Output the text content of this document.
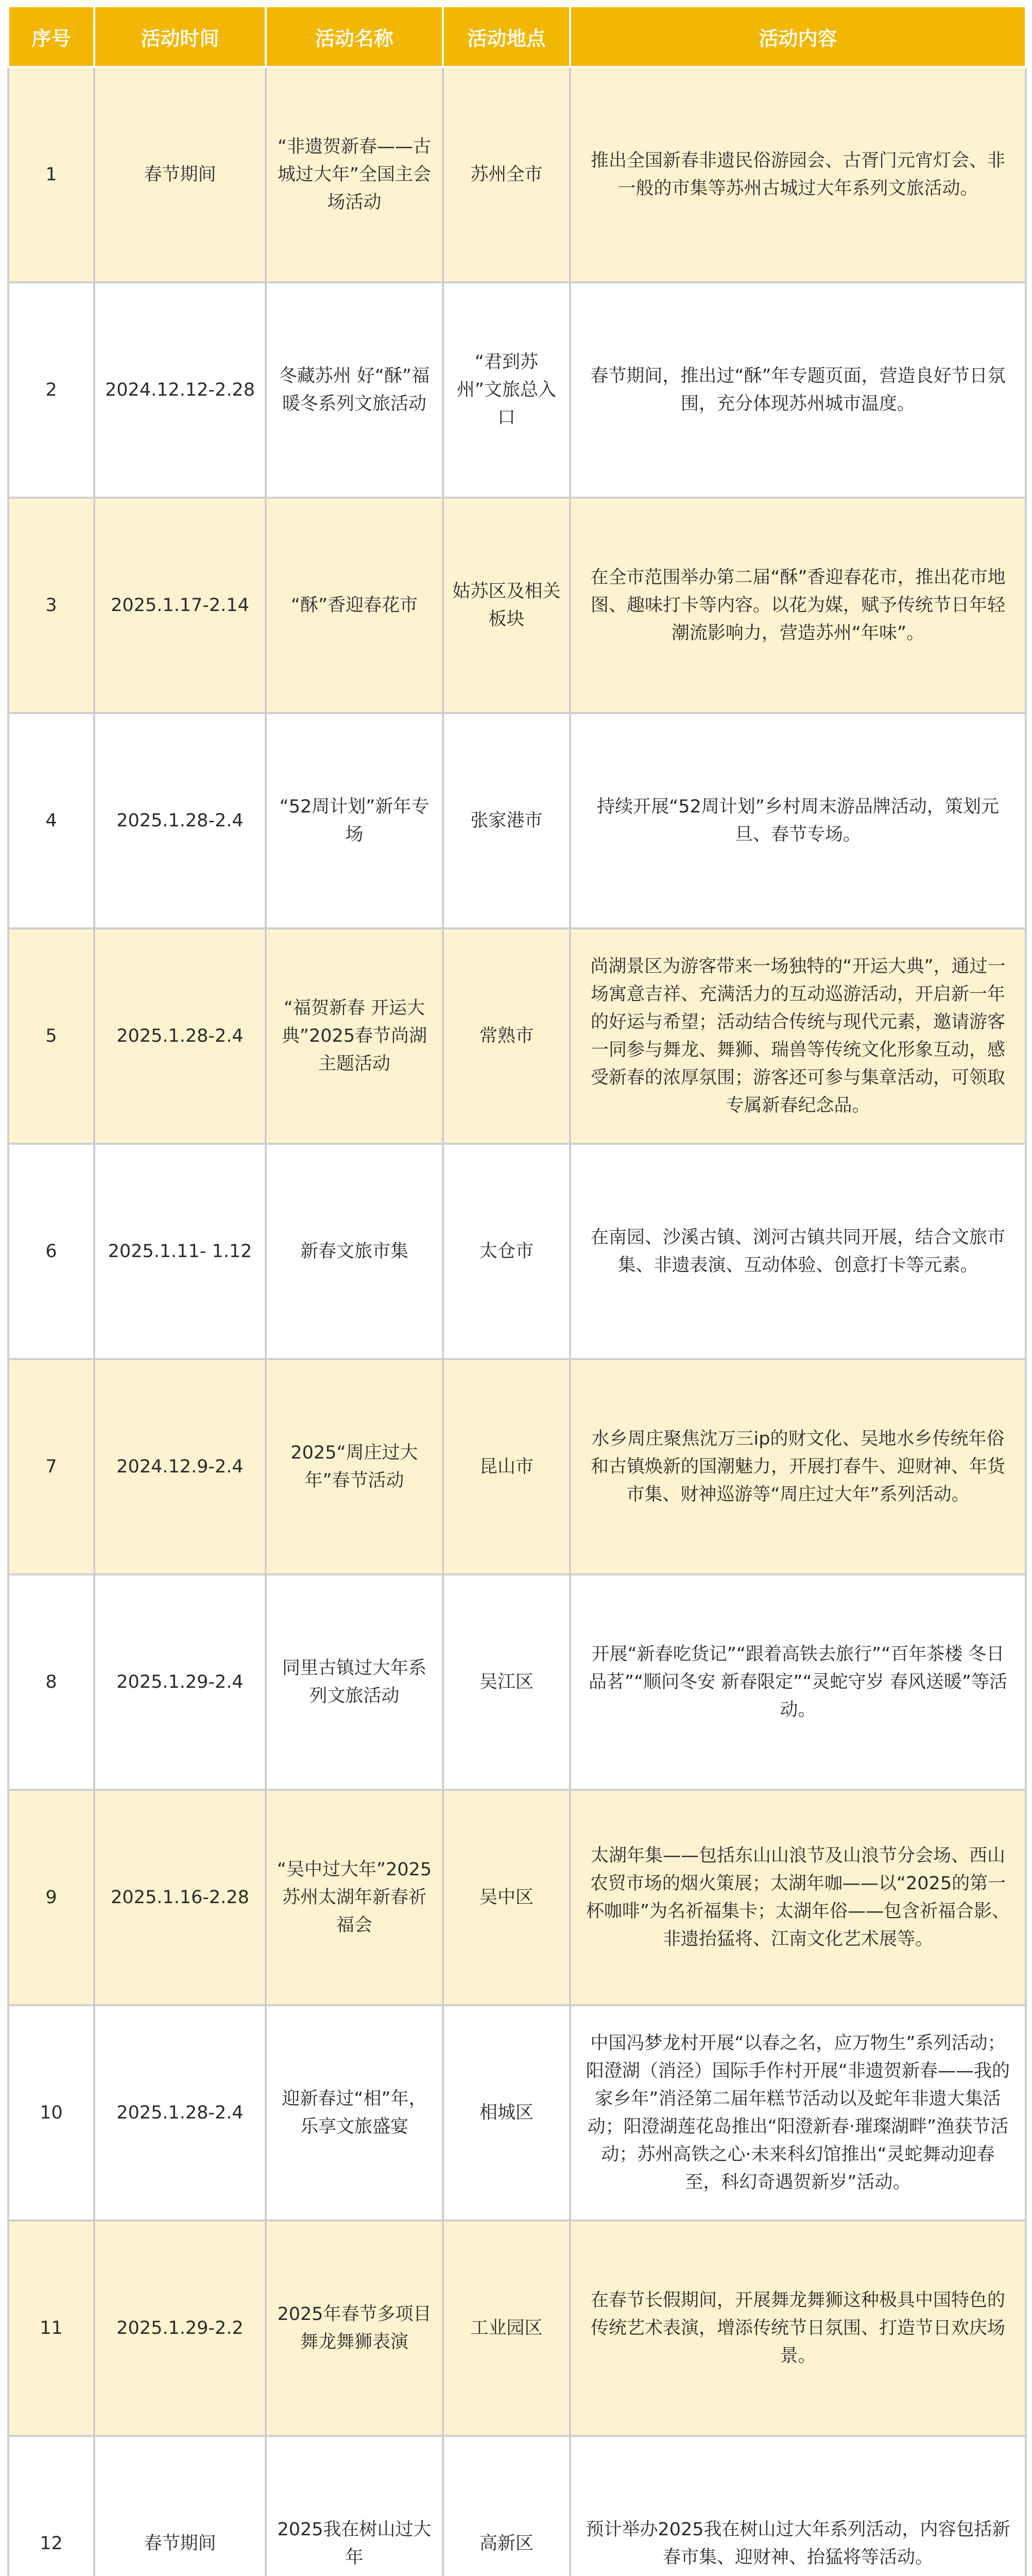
序号	活动时间	活动名称	活动地点	活动内容
1	春节期间	“非遗贺新春——古城过大年”全国主会场活动	苏州全市	推出全国新春非遗民俗游园会、古胥门元宵灯会、非一般的市集等苏州古城过大年系列文旅活动。
2	2024.12.12-2.28	冬藏苏州 好“酥”福 暖冬系列文旅活动	“君到苏州”文旅总入口	春节期间，推出过“酥”年专题页面，营造良好节日氛围，充分体现苏州城市温度。
3	2025.1.17-2.14	“酥”香迎春花市	姑苏区及相关板块	在全市范围举办第二届“酥”香迎春花市，推出花市地图、趣味打卡等内容。以花为媒，赋予传统节日年轻潮流影响力，营造苏州“年味”。
4	2025.1.28-2.4	“52周计划”新年专场	张家港市	持续开展“52周计划”乡村周末游品牌活动，策划元旦、春节专场。
5	2025.1.28-2.4	“福贺新春 开运大典”2025春节尚湖主题活动	常熟市	尚湖景区为游客带来一场独特的“开运大典”，通过一场寓意吉祥、充满活力的互动巡游活动，开启新一年的好运与希望；活动结合传统与现代元素，邀请游客一同参与舞龙、舞狮、瑞兽等传统文化形象互动，感受新春的浓厚氛围；游客还可参与集章活动，可领取专属新春纪念品。
6	2025.1.11- 1.12	新春文旅市集	太仓市	在南园、沙溪古镇、浏河古镇共同开展，结合文旅市集、非遗表演、互动体验、创意打卡等元素。
7	2024.12.9-2.4	2025“周庄过大年”春节活动	昆山市	水乡周庄聚焦沈万三ip的财文化、吴地水乡传统年俗和古镇焕新的国潮魅力，开展打春牛、迎财神、年货市集、财神巡游等“周庄过大年”系列活动。
8	2025.1.29-2.4	同里古镇过大年系列文旅活动	吴江区	开展“新春吃货记”“跟着高铁去旅行”“百年茶楼 冬日品茗”“顺问冬安 新春限定”“灵蛇守岁 春风送暖”等活动。
9	2025.1.16-2.28	“吴中过大年”2025苏州太湖年新春祈福会	吴中区	太湖年集——包括东山山浪节及山浪节分会场、西山农贸市场的烟火策展；太湖年咖——以“2025的第一杯咖啡”为名祈福集卡；太湖年俗——包含祈福合影、非遗抬猛将、江南文化艺术展等。
10	2025.1.28-2.4	迎新春过“相”年，乐享文旅盛宴	相城区	中国冯梦龙村开展“以春之名，应万物生”系列活动；阳澄湖（消泾）国际手作村开展“非遗贺新春——我的家乡年”消泾第二届年糕节活动以及蛇年非遗大集活动；阳澄湖莲花岛推出“阳澄新春·璀璨湖畔”渔获节活动；苏州高铁之心·未来科幻馆推出“灵蛇舞动迎春至，科幻奇遇贺新岁”活动。
11	2025.1.29-2.2	2025年春节多项目舞龙舞狮表演	工业园区	在春节长假期间，开展舞龙舞狮这种极具中国特色的传统艺术表演，增添传统节日氛围、打造节日欢庆场景。
12	春节期间	2025我在树山过大年	高新区	预计举办2025我在树山过大年系列活动，内容包括新春市集、迎财神、抬猛将等活动。
